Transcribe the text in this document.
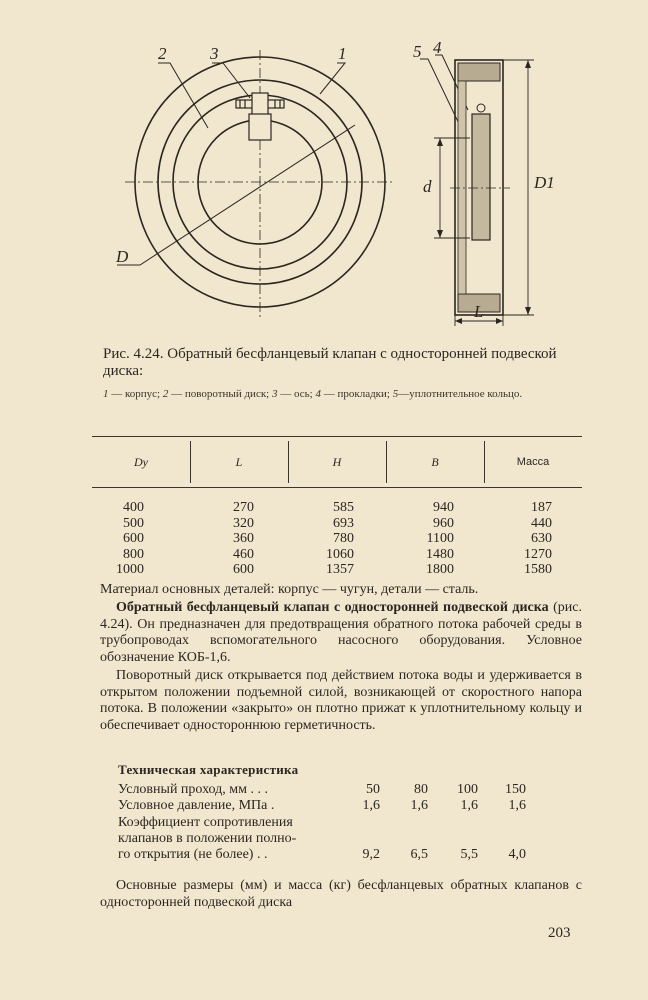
2	3	1	5 4
D
d	D1
L
Рис. 4.24. Обратный бесфланцевый клапан с односторонней подвеской диска:
1 — корпус; 2 — поворотный диск; 3 — ось; 4 — прокладки; 5—уплотнительное кольцо.
Dy	L	H	B	Масса
400	270	585	940	187
500	320	693	960	440
600	360	780	1100	630
800	460	1060	1480	1270
1000	600	1357	1800	1580
Материал основных деталей: корпус — чугун, детали — сталь.
Обратный бесфланцевый клапан с односторонней подвеской диска (рис. 4.24). Он предназначен для предотвращения обратного потока рабочей среды в трубопроводах вспомогательного насосного оборудования. Условное обозначение КОБ-1,6.
Поворотный диск открывается под действием потока воды и удерживается в открытом положении подъемной силой, возникающей от скоростного напора потока. В положении «закрыто» он плотно прижат к уплотнительному кольцу и обеспечивает одностороннюю герметичность.
Техническая характеристика
Условный проход, мм . . .	50	80	100	150
Условное давление, МПа .	1,6	1,6	1,6	1,6
Коэффициент сопротивления
клапанов в положении полно-
го открытия (не более) . .	9,2	6,5	5,5	4,0
Основные размеры (мм) и масса (кг) бесфланцевых обратных клапанов с односторонней подвеской диска
203
